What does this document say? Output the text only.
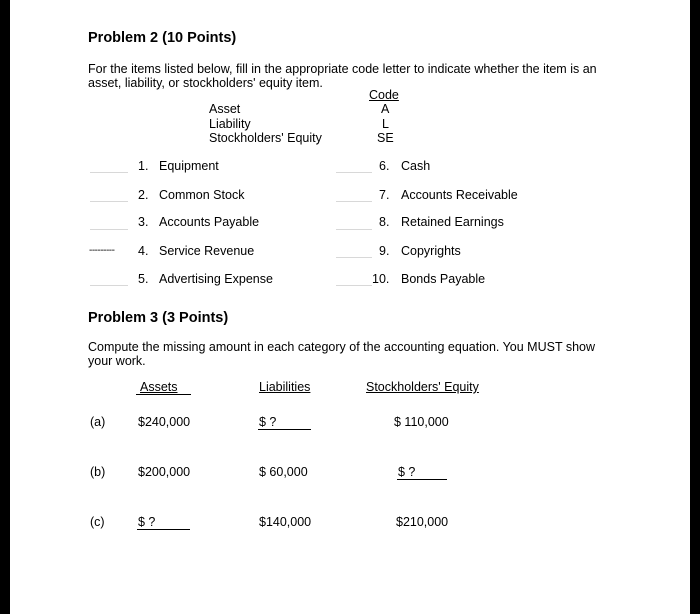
Problem 2 (10 Points)
For the items listed below, fill in the appropriate code letter to indicate whether the item is an
asset, liability, or stockholders' equity item.
Code
Asset	A
Liability	L
Stockholders' Equity	SE
1. Equipment
2. Common Stock
3. Accounts Payable
--------- 4. Service Revenue
5. Advertising Expense
6. Cash
7. Accounts Receivable
8. Retained Earnings
9. Copyrights
10. Bonds Payable
Problem 3 (3 Points)
Compute the missing amount in each category of the accounting equation. You MUST show
your work.
Assets	Liabilities	Stockholders' Equity
(a)	$240,000	$ ?	$ 110,000
(b)	$200,000	$ 60,000	$ ?
(c)	$ ?	$140,000	$210,000
